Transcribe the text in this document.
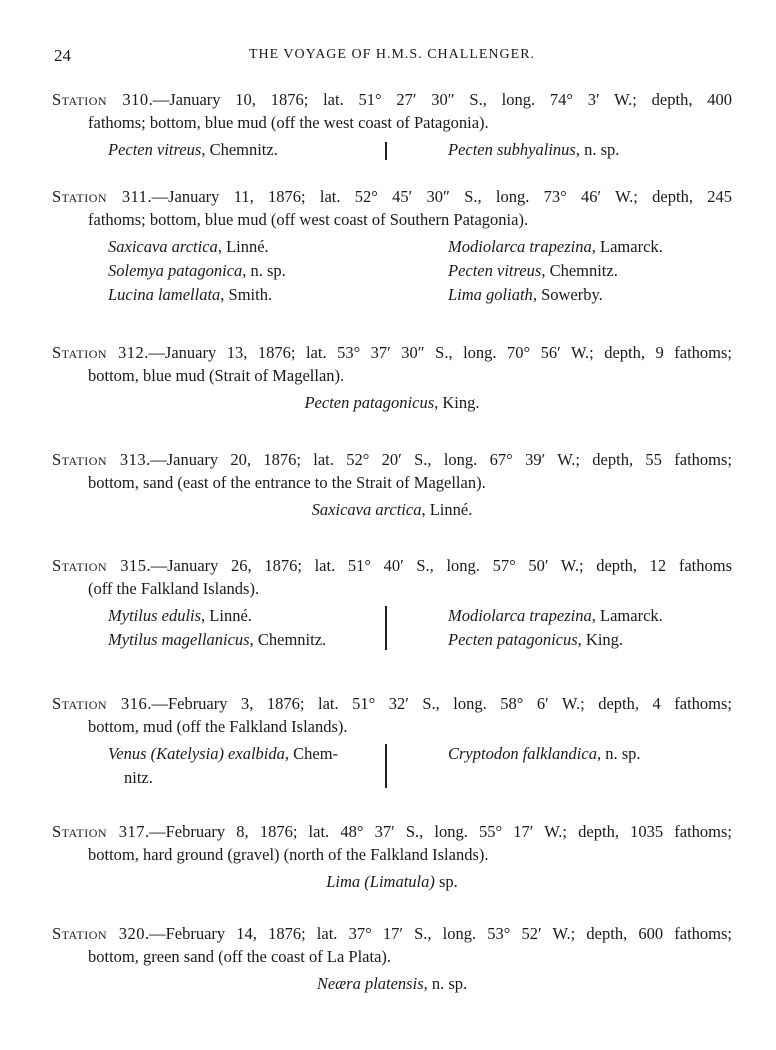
24	THE VOYAGE OF H.M.S. CHALLENGER.
Station 310.—January 10, 1876; lat. 51° 27′ 30″ S., long. 74° 3′ W.; depth, 400
fathoms; bottom, blue mud (off the west coast of Patagonia).
Pecten vitreus, Chemnitz.	Pecten subhyalinus, n. sp.
Station 311.—January 11, 1876; lat. 52° 45′ 30″ S., long. 73° 46′ W.; depth, 245
fathoms; bottom, blue mud (off west coast of Southern Patagonia).
Saxicava arctica, Linné.
Solemya patagonica, n. sp.
Lucina lamellata, Smith.
Modiolarca trapezina, Lamarck.
Pecten vitreus, Chemnitz.
Lima goliath, Sowerby.
Station 312.—January 13, 1876; lat. 53° 37′ 30″ S., long. 70° 56′ W.; depth, 9 fathoms;
bottom, blue mud (Strait of Magellan).
Pecten patagonicus, King.
Station 313.—January 20, 1876; lat. 52° 20′ S., long. 67° 39′ W.; depth, 55 fathoms;
bottom, sand (east of the entrance to the Strait of Magellan).
Saxicava arctica, Linné.
Station 315.—January 26, 1876; lat. 51° 40′ S., long. 57° 50′ W.; depth, 12 fathoms
(off the Falkland Islands).
Mytilus edulis, Linné.
Mytilus magellanicus, Chemnitz.
Modiolarca trapezina, Lamarck.
Pecten patagonicus, King.
Station 316.—February 3, 1876; lat. 51° 32′ S., long. 58° 6′ W.; depth, 4 fathoms;
bottom, mud (off the Falkland Islands).
Venus (Katelysia) exalbida, Chem-
nitz.
Cryptodon falklandica, n. sp.
Station 317.—February 8, 1876; lat. 48° 37′ S., long. 55° 17′ W.; depth, 1035 fathoms;
bottom, hard ground (gravel) (north of the Falkland Islands).
Lima (Limatula) sp.
Station 320.—February 14, 1876; lat. 37° 17′ S., long. 53° 52′ W.; depth, 600 fathoms;
bottom, green sand (off the coast of La Plata).
Neæra platensis, n. sp.
